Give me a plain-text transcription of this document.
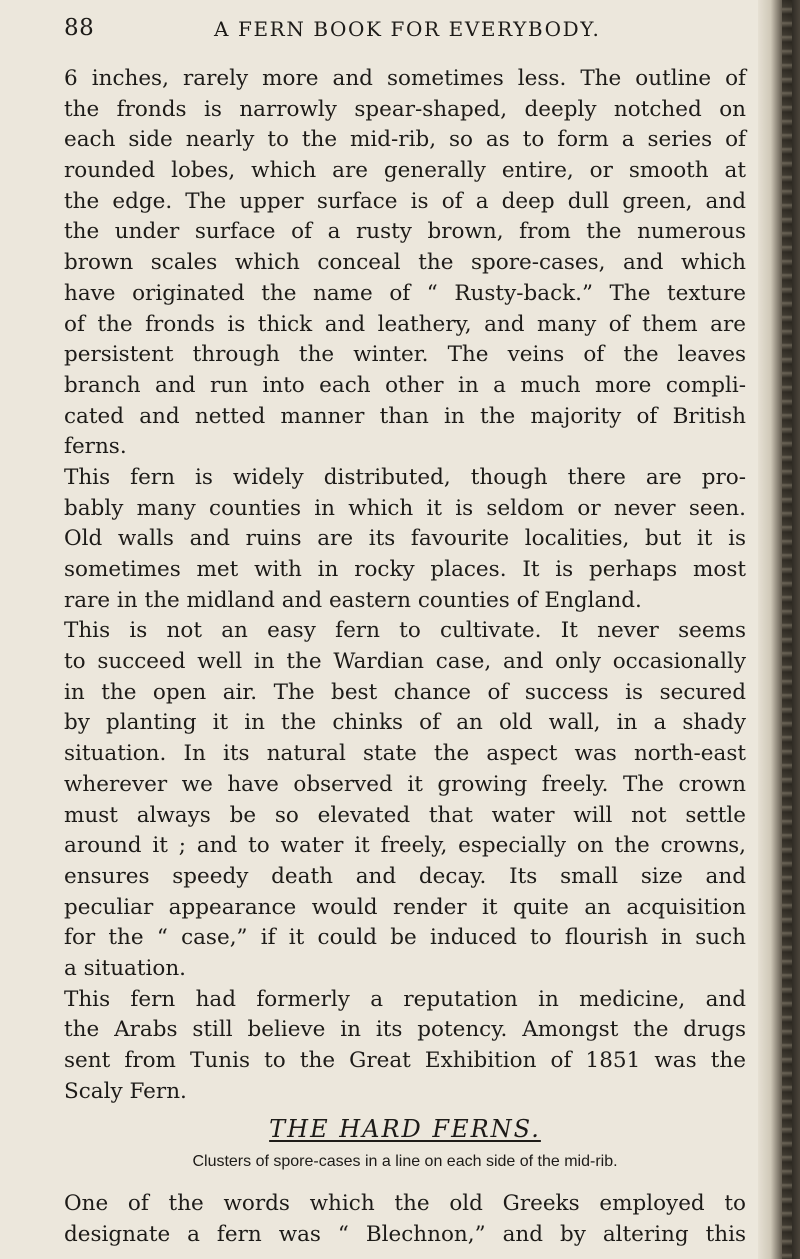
88	A FERN BOOK FOR EVERYBODY.
6 inches, rarely more and sometimes less. The outline of
the fronds is narrowly spear-shaped, deeply notched on
each side nearly to the mid-rib, so as to form a series of
rounded lobes, which are generally entire, or smooth at
the edge. The upper surface is of a deep dull green, and
the under surface of a rusty brown, from the numerous
brown scales which conceal the spore-cases, and which
have originated the name of “ Rusty-back.” The texture
of the fronds is thick and leathery, and many of them are
persistent through the winter. The veins of the leaves
branch and run into each other in a much more compli-
cated and netted manner than in the majority of British
ferns.
This fern is widely distributed, though there are pro-
bably many counties in which it is seldom or never seen.
Old walls and ruins are its favourite localities, but it is
sometimes met with in rocky places. It is perhaps most
rare in the midland and eastern counties of England.
This is not an easy fern to cultivate. It never seems
to succeed well in the Wardian case, and only occasionally
in the open air. The best chance of success is secured
by planting it in the chinks of an old wall, in a shady
situation. In its natural state the aspect was north-east
wherever we have observed it growing freely. The crown
must always be so elevated that water will not settle
around it ; and to water it freely, especially on the crowns,
ensures speedy death and decay. Its small size and
peculiar appearance would render it quite an acquisition
for the “ case,” if it could be induced to flourish in such
a situation.
This fern had formerly a reputation in medicine, and
the Arabs still believe in its potency. Amongst the drugs
sent from Tunis to the Great Exhibition of 1851 was the
Scaly Fern.
THE HARD FERNS.
Clusters of spore-cases in a line on each side of the mid-rib.
One of the words which the old Greeks employed to
designate a fern was “ Blechnon,” and by altering this
